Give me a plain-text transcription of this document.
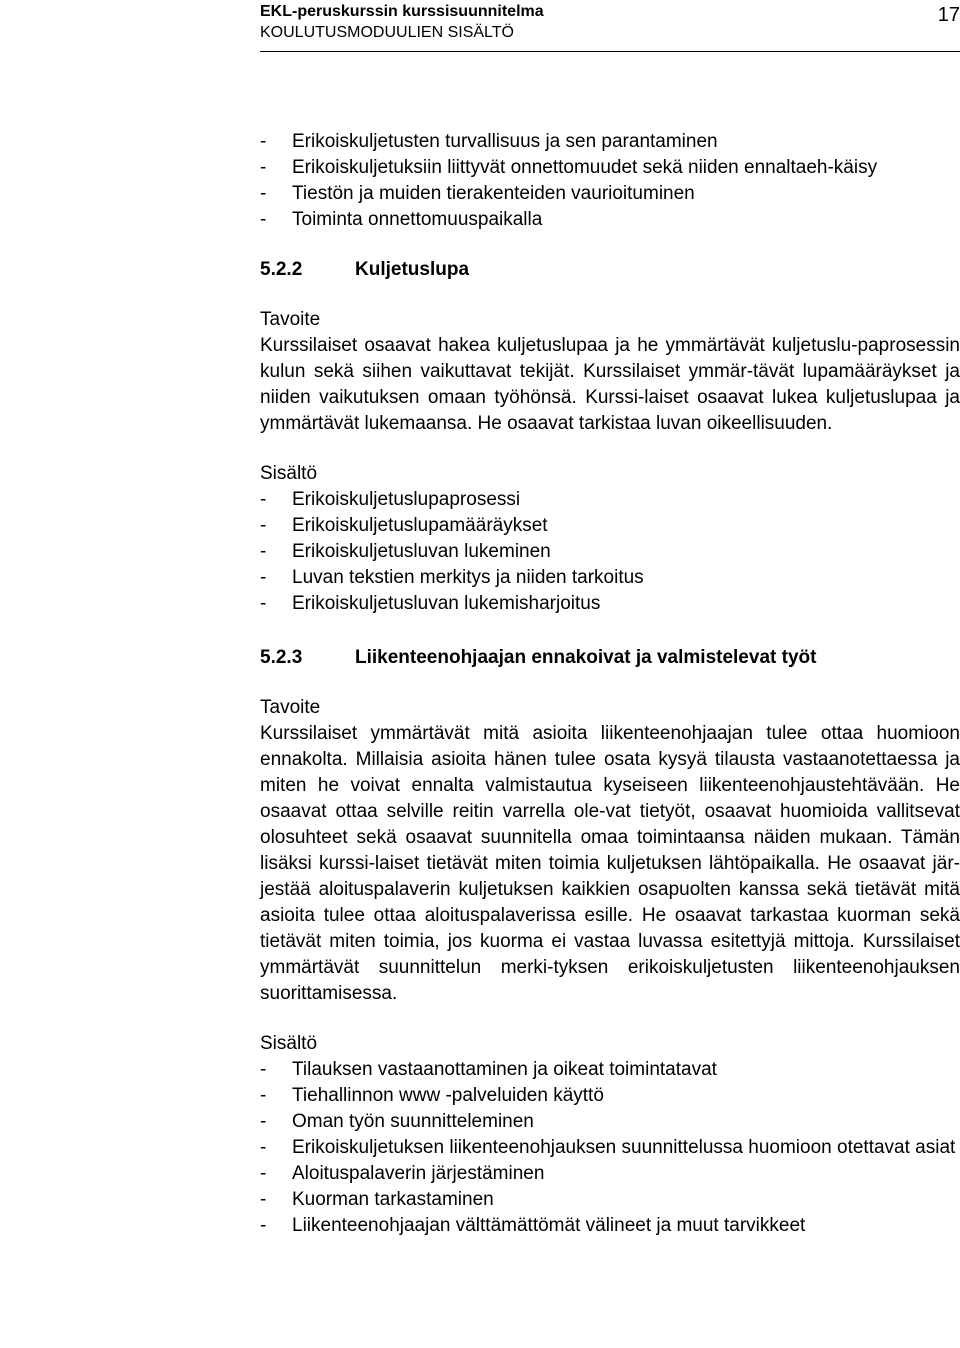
EKL-peruskurssin kurssisuunnitelma
KOULUTUSMODUULIEN SISÄLTÖ
17
- Erikoiskuljetusten turvallisuus ja sen parantaminen
- Erikoiskuljetuksiin liittyvät onnettomuudet sekä niiden ennaltaeh-käisy
- Tiestön ja muiden tierakenteiden vaurioituminen
- Toiminta onnettomuuspaikalla
5.2.2	Kuljetuslupa
Tavoite

Kurssilaiset osaavat hakea kuljetuslupaa ja he ymmärtävät kuljetuslu-paprosessin kulun sekä siihen vaikuttavat tekijät. Kurssilaiset ymmär-tävät lupamääräykset ja niiden vaikutuksen omaan työhönsä. Kurssi-laiset osaavat lukea kuljetuslupaa ja ymmärtävät lukemaansa. He osaavat tarkistaa luvan oikeellisuuden.

Sisältö
- Erikoiskuljetuslupaprosessi
- Erikoiskuljetuslupamääräykset
- Erikoiskuljetusluvan lukeminen
- Luvan tekstien merkitys ja niiden tarkoitus
- Erikoiskuljetusluvan lukemisharjoitus
5.2.3	Liikenteenohjaajan ennakoivat ja valmistelevat työt
Tavoite

Kurssilaiset ymmärtävät mitä asioita liikenteenohjaajan tulee ottaa huomioon ennakolta. Millaisia asioita hänen tulee osata kysyä tilausta vastaanotettaessa ja miten he voivat ennalta valmistautua kyseiseen liikenteenohjaustehtävään. He osaavat ottaa selville reitin varrella ole-vat tietyöt, osaavat huomioida vallitsevat olosuhteet sekä osaavat suunnitella omaa toimintaansa näiden mukaan. Tämän lisäksi kurssi-laiset tietävät miten toimia kuljetuksen lähtöpaikalla. He osaavat jär-jestää aloituspalaverin kuljetuksen kaikkien osapuolten kanssa sekä tietävät mitä asioita tulee ottaa aloituspalaverissa esille. He osaavat tarkastaa kuorman sekä tietävät miten toimia, jos kuorma ei vastaa luvassa esitettyjä mittoja. Kurssilaiset ymmärtävät suunnittelun merki-tyksen erikoiskuljetusten liikenteenohjauksen suorittamisessa.

Sisältö
- Tilauksen vastaanottaminen ja oikeat toimintatavat
- Tiehallinnon www -palveluiden käyttö
- Oman työn suunnitteleminen
- Erikoiskuljetuksen liikenteenohjauksen suunnittelussa huomioon otettavat asiat
- Aloituspalaverin järjestäminen
- Kuorman tarkastaminen
- Liikenteenohjaajan välttämättömät välineet ja muut tarvikkeet
